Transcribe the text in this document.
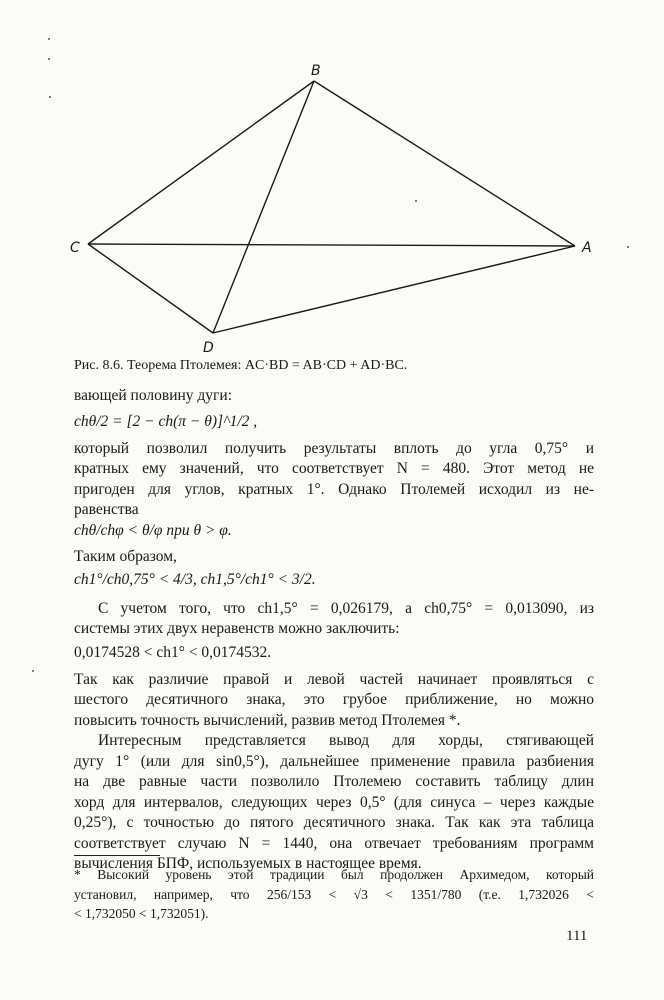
B
A
C
D
Рис. 8.6. Теорема Птолемея: AC·BD = AB·CD + AD·BC.
вающей половину дуги:
chθ/2 = [2 − ch(π − θ)]^1/2 ,
который позволил получить результаты вплоть до угла 0,75° и
кратных ему значений, что соответствует N = 480. Этот метод не
пригоден для углов, кратных 1°. Однако Птолемей исходил из не-
равенства
chθ/chφ < θ/φ при θ > φ.
Таким образом,
ch1°/ch0,75° < 4/3, ch1,5°/ch1° < 3/2.
С учетом того, что ch1,5° = 0,026179, а ch0,75° = 0,013090, из
системы этих двух неравенств можно заключить:
0,0174528 < ch1° < 0,0174532.
Так как различие правой и левой частей начинает проявляться с
шестого десятичного знака, это грубое приближение, но можно
повысить точность вычислений, развив метод Птолемея *.
Интересным представляется вывод для хорды, стягивающей
дугу 1° (или для sin0,5°), дальнейшее применение правила разбиения
на две равные части позволило Птолемею составить таблицу длин
хорд для интервалов, следующих через 0,5° (для синуса – через каждые
0,25°), с точностью до пятого десятичного знака. Так как эта таблица
соответствует случаю N = 1440, она отвечает требованиям программ
вычисления БПФ, используемых в настоящее время.
* Высокий уровень этой традиции был продолжен Архимедом, который
установил, например, что 256/153 < √3 < 1351/780 (т.е. 1,732026 <
< 1,732050 < 1,732051).
111
